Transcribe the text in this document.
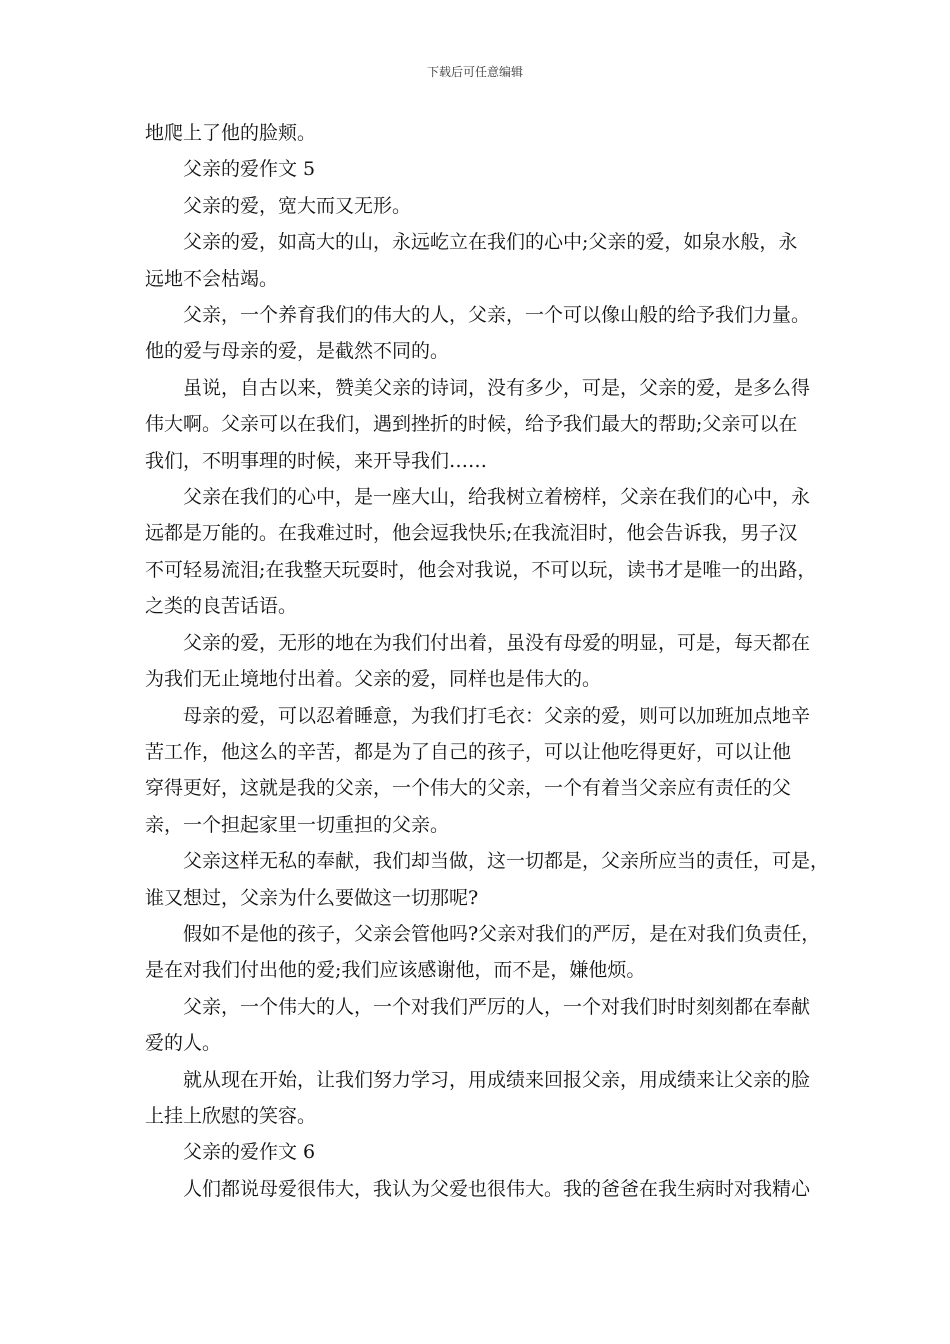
下载后可任意编辑
地爬上了他的脸颊。
父亲的爱作文 5
父亲的爱，宽大而又无形。
父亲的爱，如高大的山，永远屹立在我们的心中;父亲的爱，如泉水般，永
远地不会枯竭。
父亲，一个养育我们的伟大的人，父亲，一个可以像山般的给予我们力量。
他的爱与母亲的爱，是截然不同的。
虽说，自古以来，赞美父亲的诗词，没有多少，可是，父亲的爱，是多么得
伟大啊。父亲可以在我们，遇到挫折的时候，给予我们最大的帮助;父亲可以在
我们，不明事理的时候，来开导我们……
父亲在我们的心中，是一座大山，给我树立着榜样，父亲在我们的心中，永
远都是万能的。在我难过时，他会逗我快乐;在我流泪时，他会告诉我，男子汉
不可轻易流泪;在我整天玩耍时，他会对我说，不可以玩，读书才是唯一的出路，
之类的良苦话语。
父亲的爱，无形的地在为我们付出着，虽没有母爱的明显，可是，每天都在
为我们无止境地付出着。父亲的爱，同样也是伟大的。
母亲的爱，可以忍着睡意，为我们打毛衣：父亲的爱，则可以加班加点地辛
苦工作，他这么的辛苦，都是为了自己的孩子，可以让他吃得更好，可以让他
穿得更好，这就是我的父亲，一个伟大的父亲，一个有着当父亲应有责任的父
亲，一个担起家里一切重担的父亲。
父亲这样无私的奉献，我们却当做，这一切都是，父亲所应当的责任，可是，
谁又想过，父亲为什么要做这一切那呢?
假如不是他的孩子，父亲会管他吗?父亲对我们的严厉，是在对我们负责任，
是在对我们付出他的爱;我们应该感谢他，而不是，嫌他烦。
父亲，一个伟大的人，一个对我们严厉的人，一个对我们时时刻刻都在奉献
爱的人。
就从现在开始，让我们努力学习，用成绩来回报父亲，用成绩来让父亲的脸
上挂上欣慰的笑容。
父亲的爱作文 6
人们都说母爱很伟大，我认为父爱也很伟大。我的爸爸在我生病时对我精心
